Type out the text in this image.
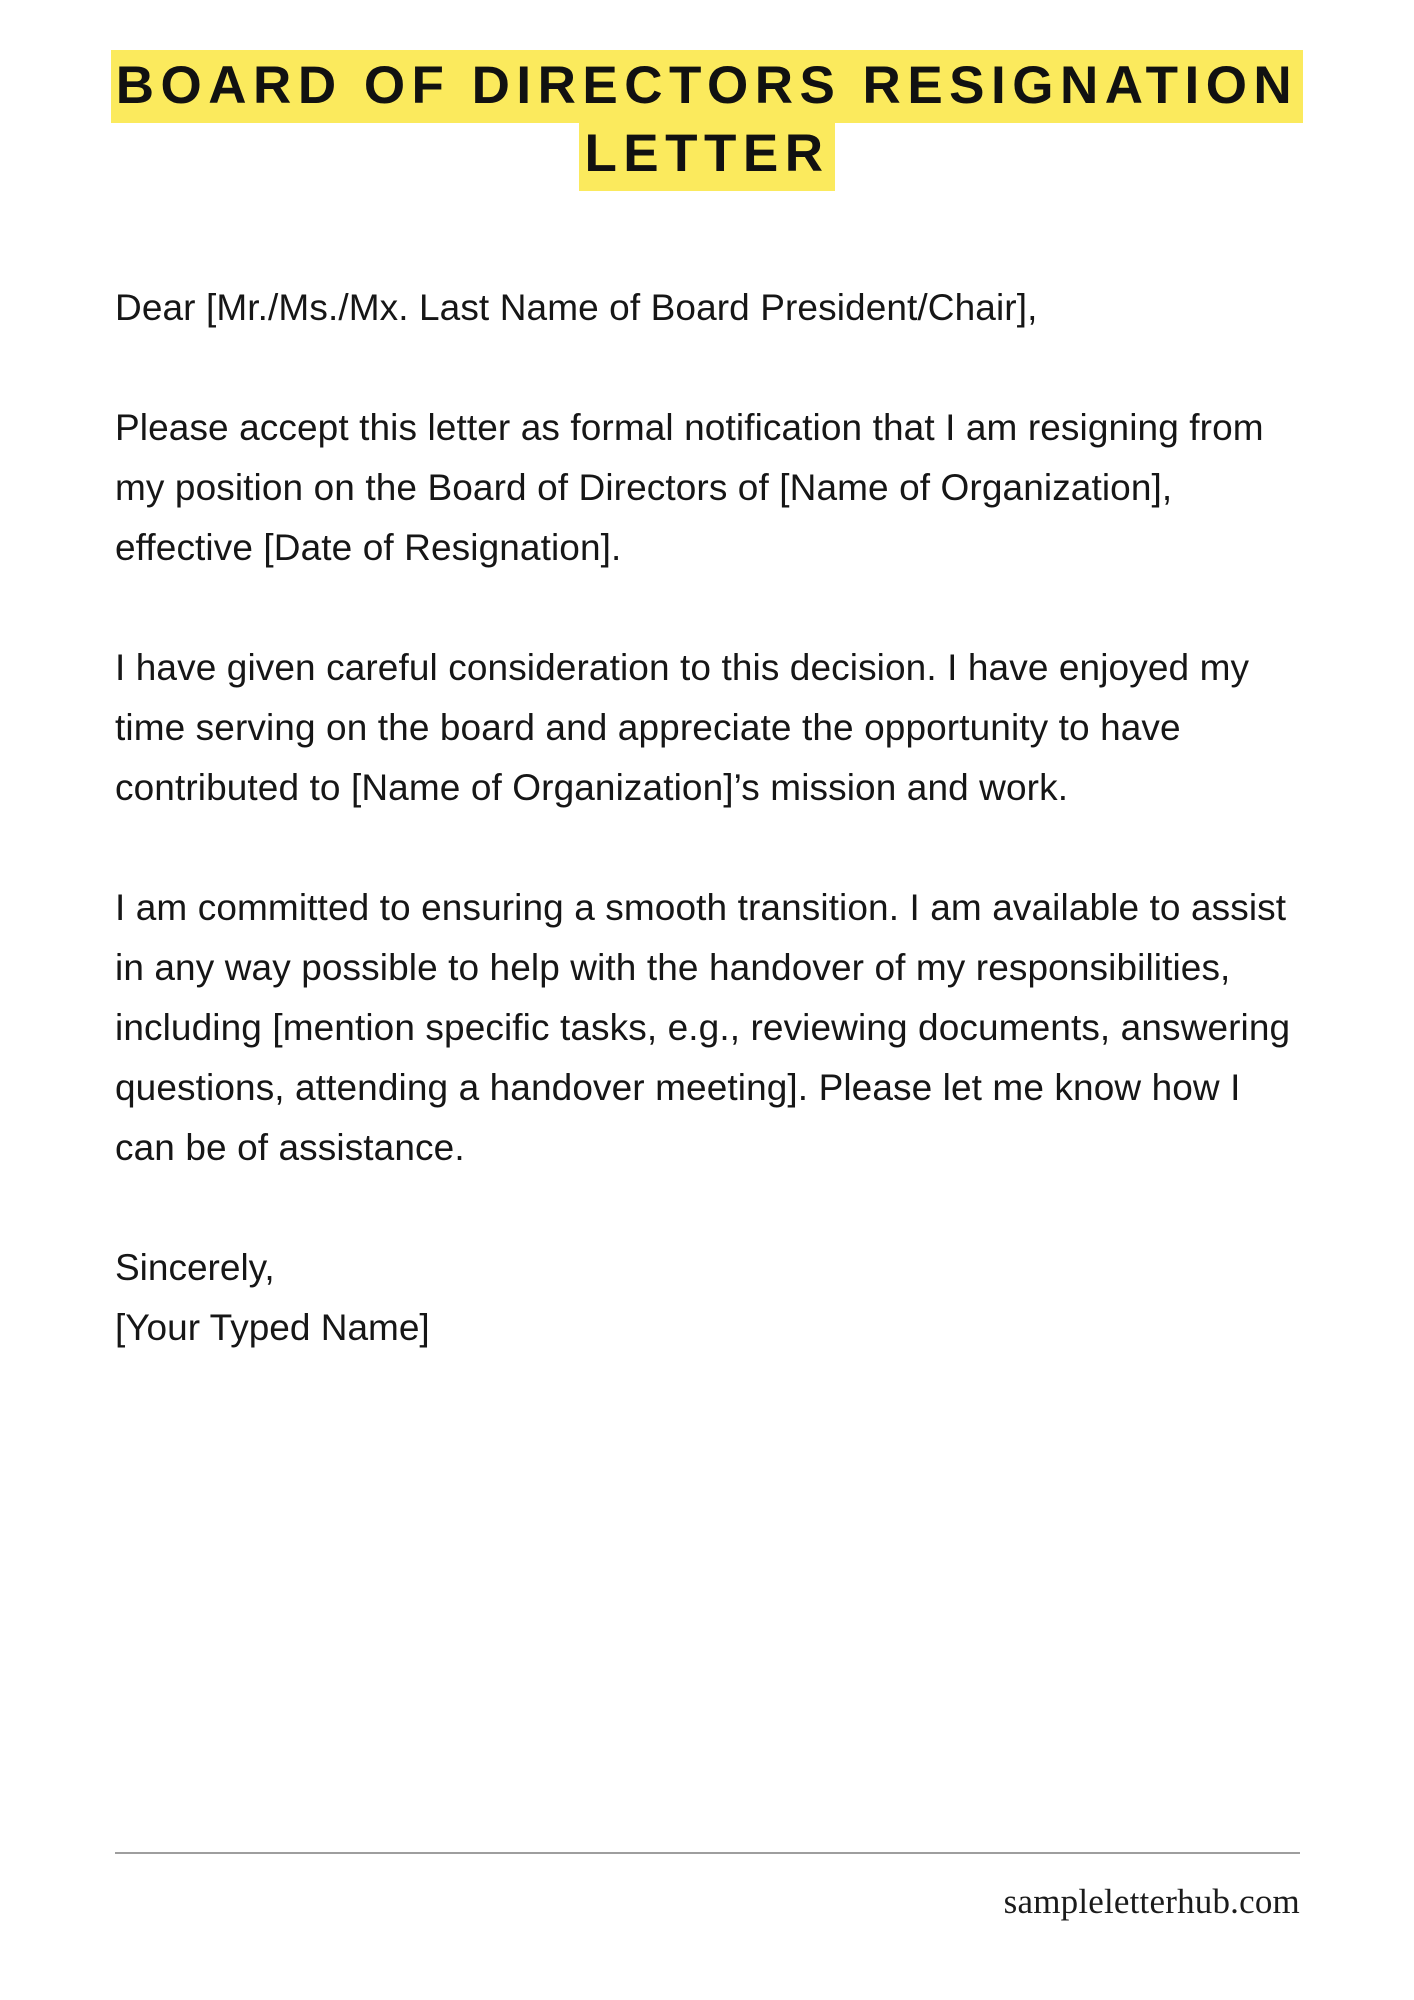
BOARD OF DIRECTORS RESIGNATION
LETTER

Dear [Mr./Ms./Mx. Last Name of Board President/Chair],

Please accept this letter as formal notification that I am resigning from my position on the Board of Directors of [Name of Organization], effective [Date of Resignation].

I have given careful consideration to this decision. I have enjoyed my time serving on the board and appreciate the opportunity to have contributed to [Name of Organization]’s mission and work.

I am committed to ensuring a smooth transition. I am available to assist in any way possible to help with the handover of my responsibilities, including [mention specific tasks, e.g., reviewing documents, answering questions, attending a handover meeting]. Please let me know how I can be of assistance.

Sincerely,

[Your Typed Name]

sampleletterhub.com
